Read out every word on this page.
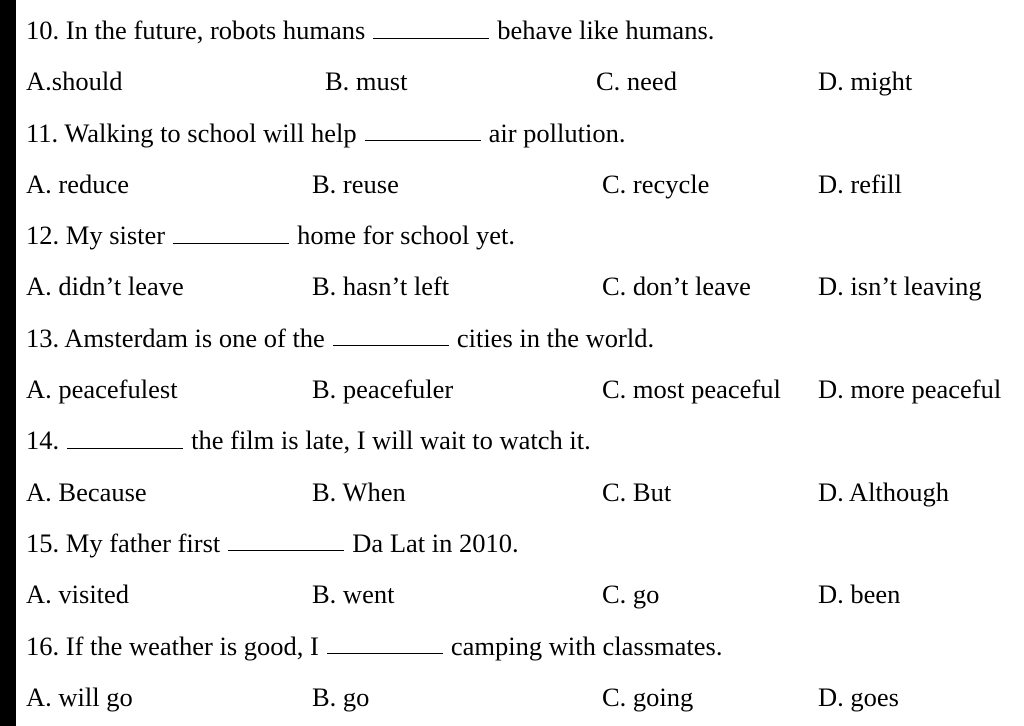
10. In the future, robots humans	behave like humans.
A.should	B. must	C. need	D. might
11. Walking to school will help	air pollution.
A. reduce	B. reuse	C. recycle	D. refill
12. My sister	home for school yet.
A. didn’t leave	B. hasn’t left	C. don’t leave	D. isn’t leaving
13. Amsterdam is one of the	cities in the world.
A. peacefulest	B. peacefuler	C. most peaceful D. more peaceful
14.	the film is late, I will wait to watch it.
A. Because	B. When	C. But	D. Although
15. My father first	Da Lat in 2010.
A. visited	B. went	C. go	D. been
16. If the weather is good, I	camping with classmates.
A. will go	B. go	C. going	D. goes
